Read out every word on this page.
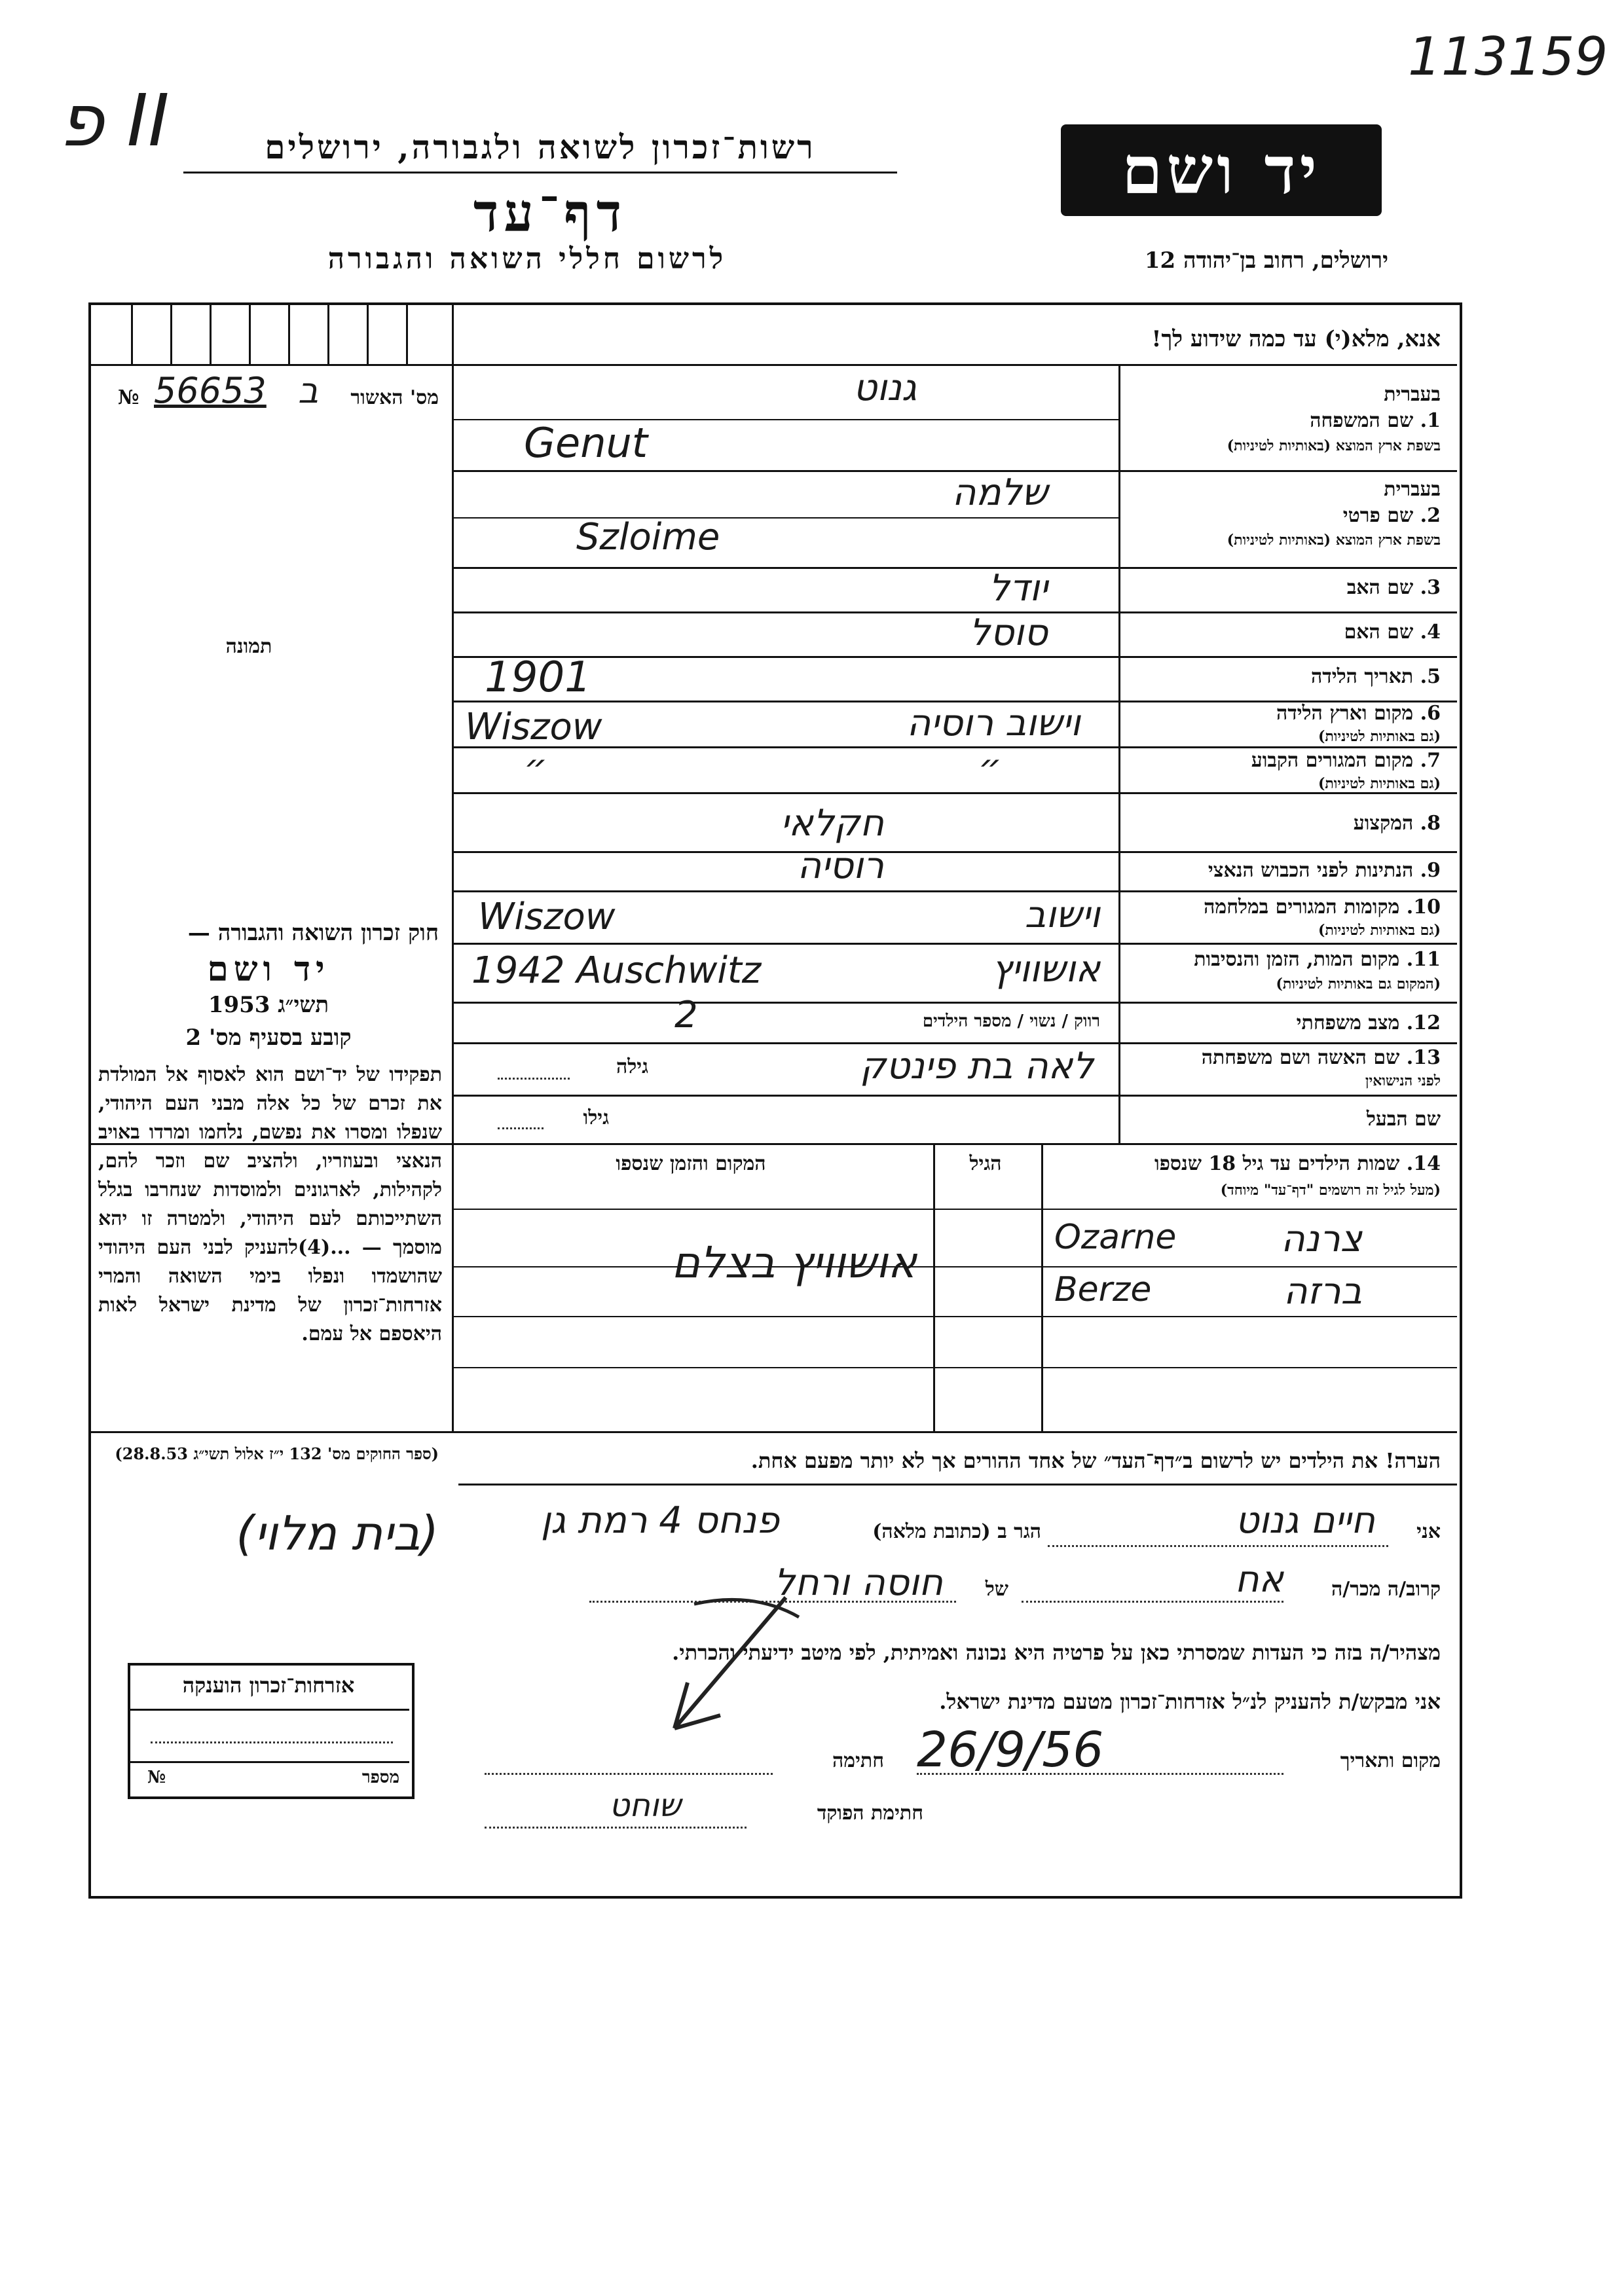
113159
פ II	רשות־זכרון לשואה ולגבורה, ירושלים
דף־עד
לרשום חללי השואה והגבורה
יד ושם
ירושלים, רחוב בן־יהודה 12
אנא, מלא(י) עד כמה שידוע לך!
№ 56653 ב	מס' האשור
תמונה
בעברית
1. שם המשפחה
בשפת ארץ המוצא (באותיות לטיניות)
גנוט
Genut
בעברית
2. שם פרטי
בשפת ארץ המוצא (באותיות לטיניות)
שלמה
Szloime
3. שם האב
יודל
4. שם האם
סוסל
5. תאריך הלידה
1901
6. מקום וארץ הלידה
(גם באותיות לטיניות)
וישוב רוסיה
Wiszow
7. מקום המגורים הקבוע
(גם באותיות לטיניות)
״ ״
8. המקצוע
חקלאי
9. הנתינות לפני הכבוש הנאצי
רוסיה
10. מקומות המגורים במלחמה
(גם באותיות לטיניות)
וישוב
Wiszow
11. מקום המות, הזמן והנסיבות
(המקום גם באותיות לטיניות)
אושוויץ
1942 Auschwitz
12. מצב משפחתי
רווק / נשוי / מספר הילדים
2
13. שם האשה ושם משפחתה
לפני הנישואין
לאה בת פינטק
גילה
שם הבעל
גילו
14. שמות הילדים עד גיל 18 שנספו
(מעל לגיל זה רושמים "דף־עד" מיוחד)
הגיל
המקום והזמן שנספו
Ozarne	צרנה
Berze	ברזה
אושוויץ בצלם
חוק זכרון השואה והגבורה —
יד ושם
תשי״ג 1953
קובע בסעיף מס' 2
תפקידו של יד־ושם הוא לאסוף אל המולדת את זכרם של כל אלה מבני העם היהודי, שנפלו ומסרו את נפשם, נלחמו ומרדו באויב הנאצי ובעוזריו, ולהציב שם וזכר להם, לקהילות, לארגונים ולמוסדות שנחרבו בגלל השתייכותם לעם היהודי, ולמטרה זו יהא מוסמך — ...(4)להעניק לבני העם היהודי שהושמדו ונפלו בימי השואה והמרי אזרחות־זכרון של מדינת ישראל לאות היאספם אל עמם.
(ספר החוקים מס' 132 י״ז אלול תשי״ג 28.8.53)	הערה! את הילדים יש לרשום ב״דף־העד״ של אחד ההורים אך לא יותר מפעם אחת.
אני
חיים גנוט
הגר ב (כתובת מלאה)
פנחס 4 רמת גן
קרוב/ה מכר/ה
אח
של
חוסה ורחל
מצהיר/ה בזה כי העדות שמסרתי כאן על פרטיה היא נכונה ואמיתית, לפי מיטב ידיעתי והכרתי.
אני מבקש/ת להעניק לנ״ל אזרחות־זכרון מטעם מדינת ישראל.
מקום ותאריך
26/9/56
חתימה
חתימת הפוקד
שוחט
(בית מלוי)
אזרחות־זכרון הוענקה
מספר
№
